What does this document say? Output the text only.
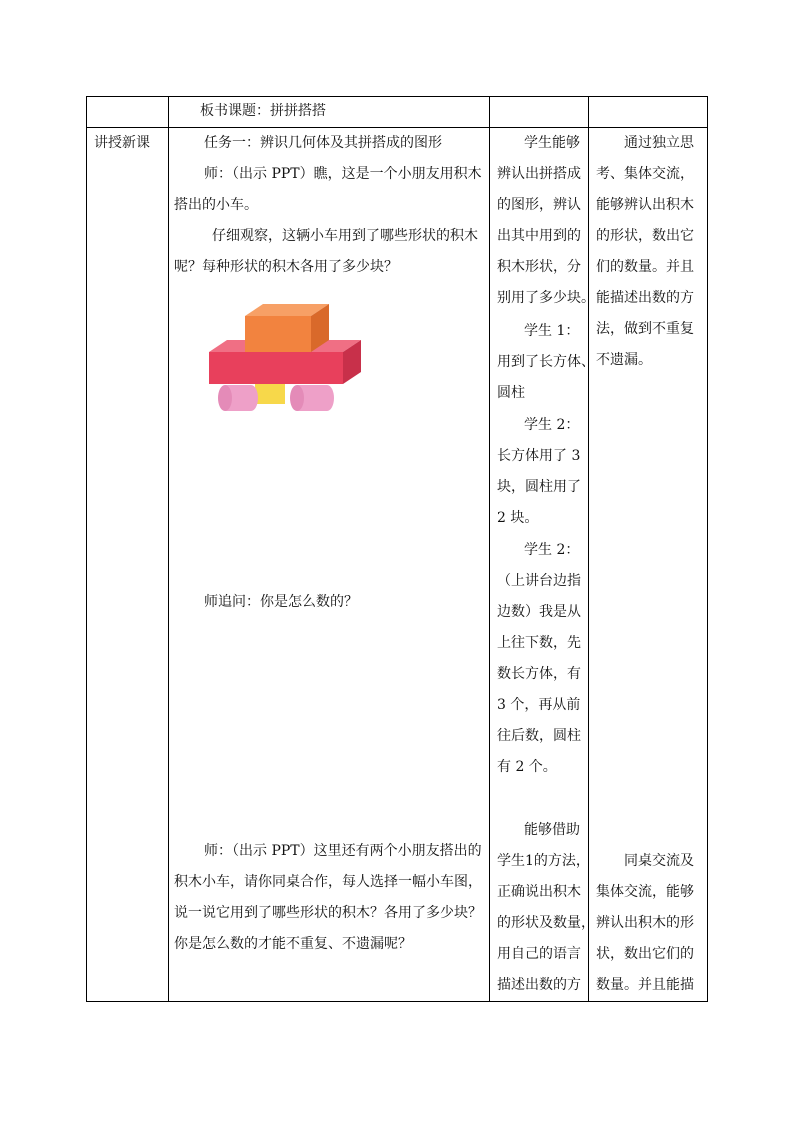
板书课题：拼拼搭搭
讲授新课	任务一：辨识几何体及其拼搭成的图形
师：（出示 PPT）瞧，这是一个小朋友用积木
搭出的小车。
仔细观察，这辆小车用到了哪些形状的积木
呢？每种形状的积木各用了多少块？
师追问：你是怎么数的？
师：（出示 PPT）这里还有两个小朋友搭出的
积木小车，请你同桌合作，每人选择一幅小车图，
说一说它用到了哪些形状的积木？各用了多少块？
你是怎么数的才能不重复、不遗漏呢？
学生能够
辨认出拼搭成
的图形，辨认
出其中用到的
积木形状，分
别用了多少块。
学生 1：
用到了长方体、
圆柱
学生 2：
长方体用了 3
块，圆柱用了
2 块。
学生 2：
（上讲台边指
边数）我是从
上往下数，先
数长方体，有
3 个，再从前
往后数，圆柱
有 2 个。
能够借助
学生1的方法，
正确说出积木
的形状及数量，
用自己的语言
描述出数的方
通过独立思
考、集体交流，
能够辨认出积木
的形状，数出它
们的数量。并且
能描述出数的方
法，做到不重复
不遗漏。
同桌交流及
集体交流，能够
辨认出积木的形
状，数出它们的
数量。并且能描
